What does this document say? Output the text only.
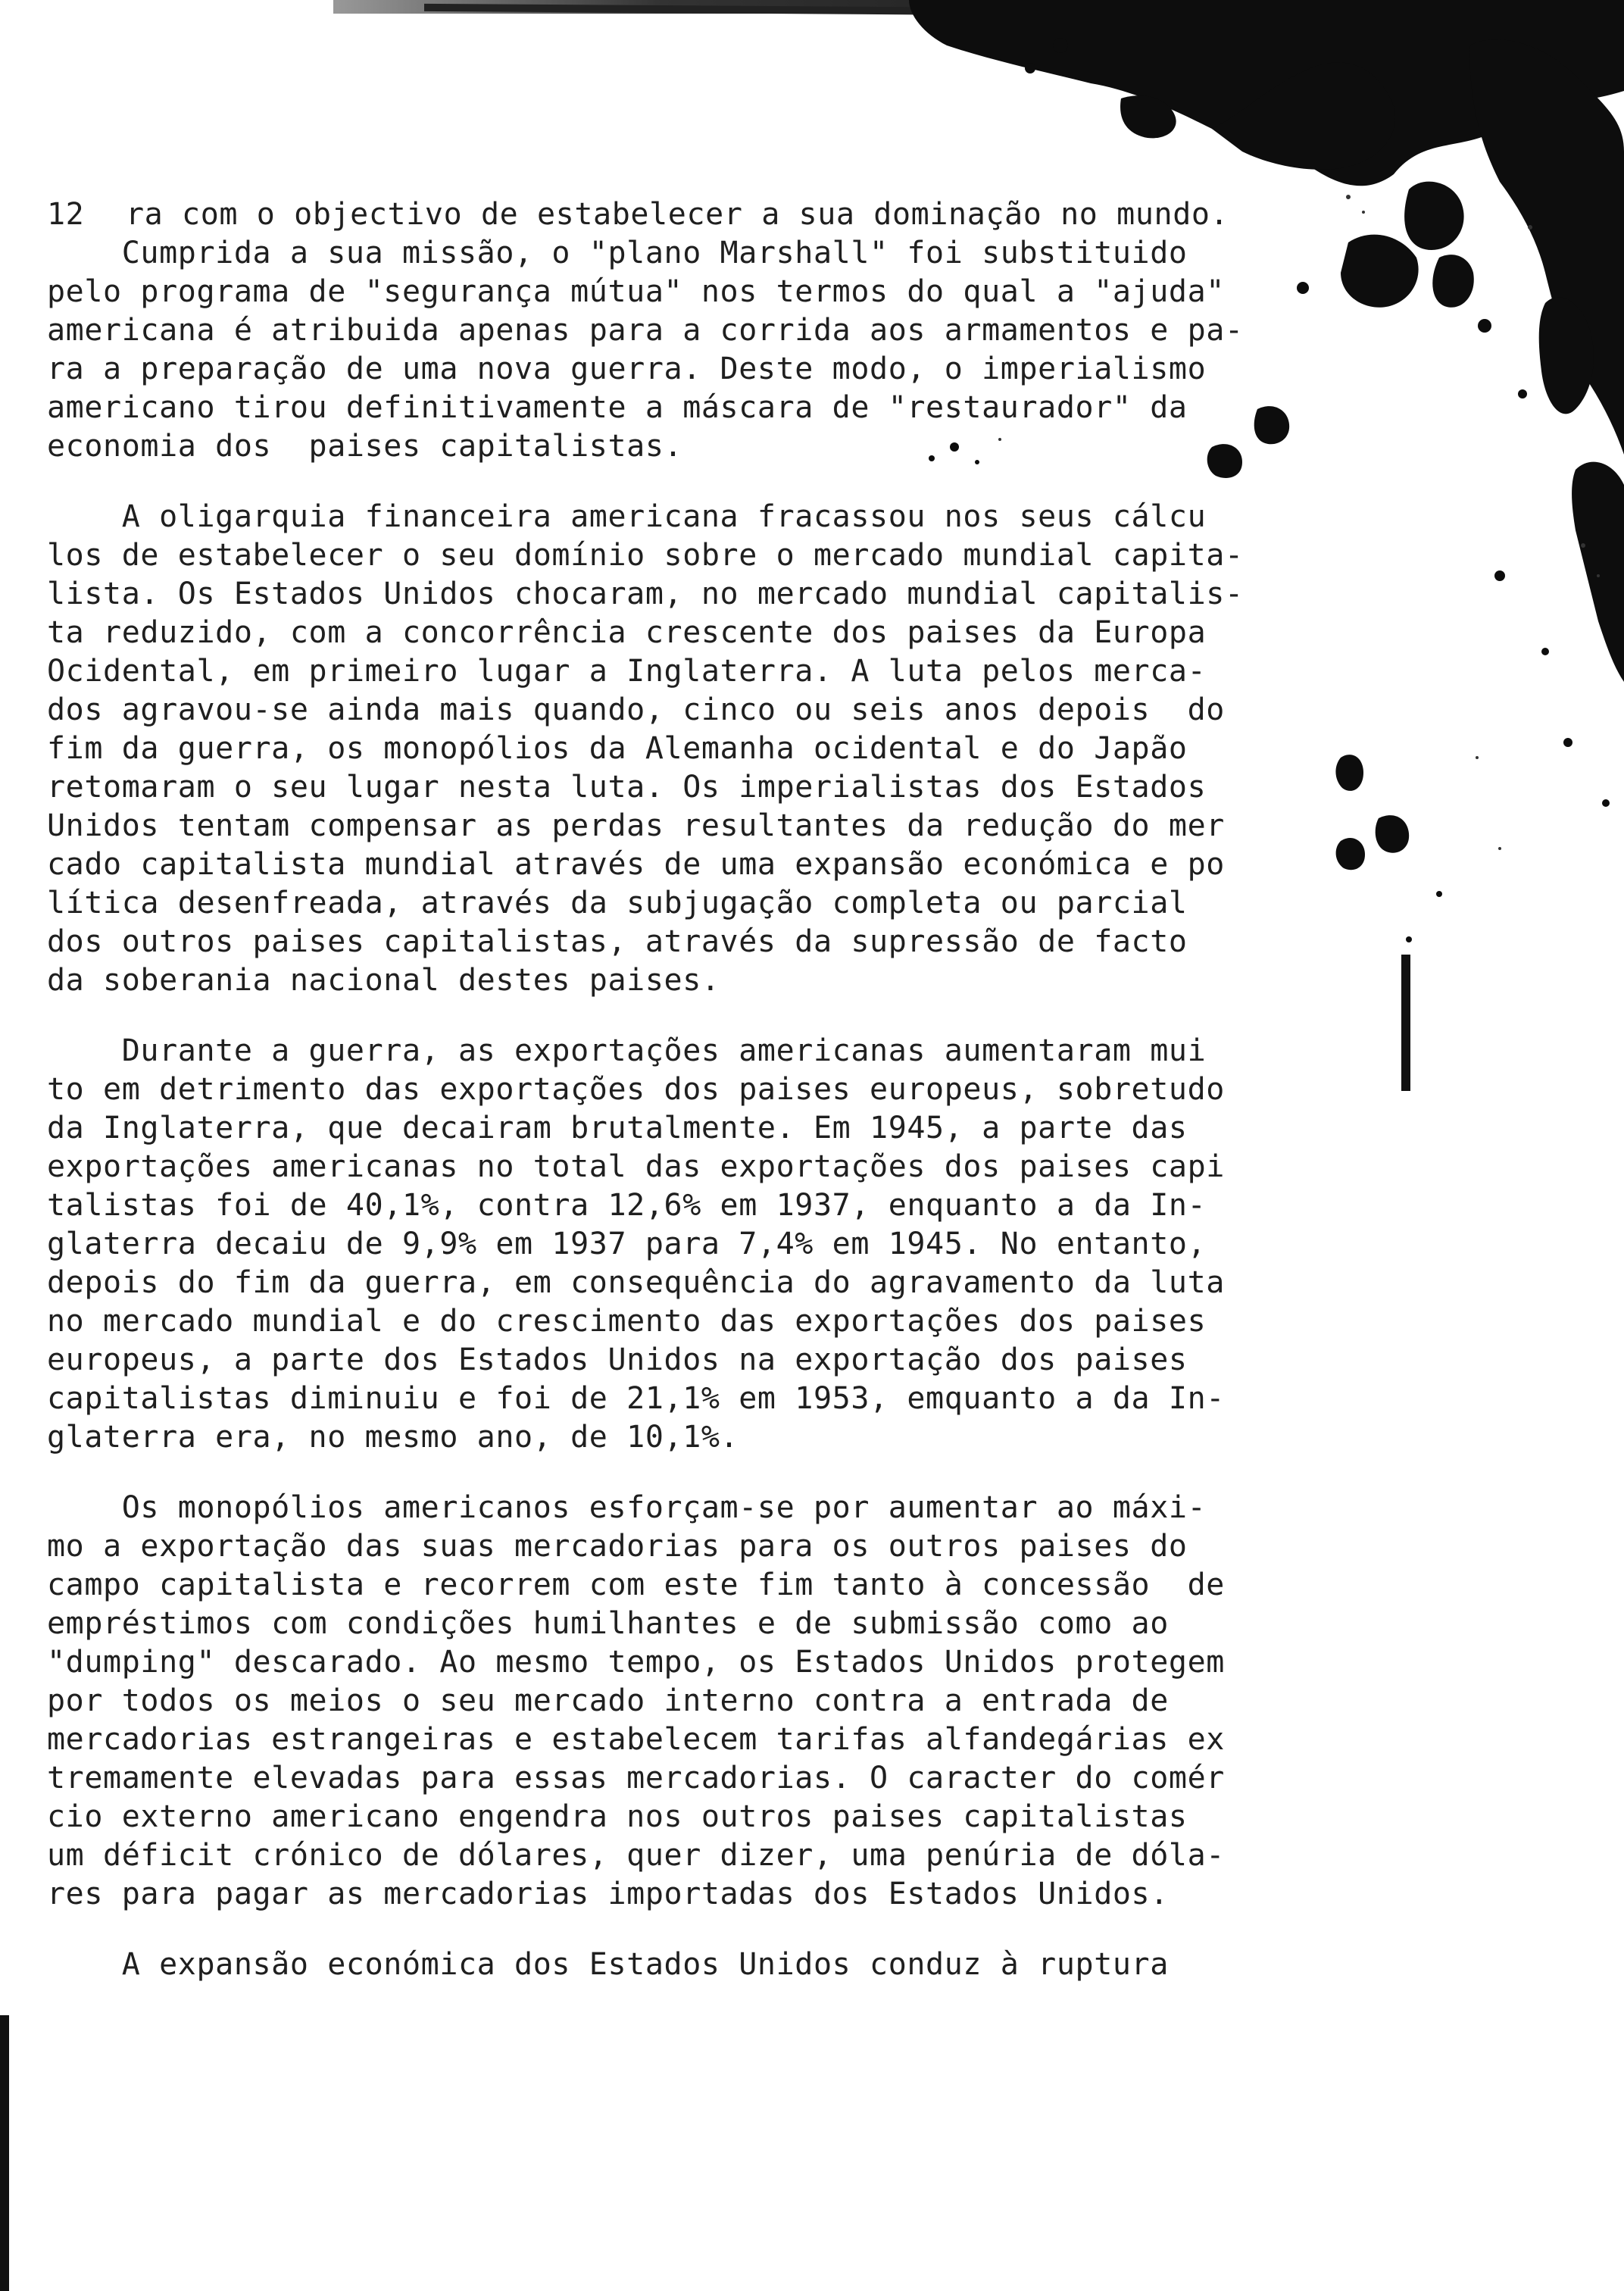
12 ra com o objectivo de estabelecer a sua dominação no mundo.
Cumprida a sua missão, o "plano Marshall" foi substituido
pelo programa de "segurança mútua" nos termos do qual a "ajuda"
americana é atribuida apenas para a corrida aos armamentos e pa-
ra a preparação de uma nova guerra. Deste modo, o imperialismo
americano tirou definitivamente a máscara de "restaurador" da
economia dos  paises capitalistas.
A oligarquia financeira americana fracassou nos seus cálcu
los de estabelecer o seu domínio sobre o mercado mundial capita-
lista. Os Estados Unidos chocaram, no mercado mundial capitalis-
ta reduzido, com a concorrência crescente dos paises da Europa
Ocidental, em primeiro lugar a Inglaterra. A luta pelos merca-
dos agravou-se ainda mais quando, cinco ou seis anos depois  do
fim da guerra, os monopólios da Alemanha ocidental e do Japão
retomaram o seu lugar nesta luta. Os imperialistas dos Estados
Unidos tentam compensar as perdas resultantes da redução do mer
cado capitalista mundial através de uma expansão económica e po
lítica desenfreada, através da subjugação completa ou parcial
dos outros paises capitalistas, através da supressão de facto
da soberania nacional destes paises.
Durante a guerra, as exportações americanas aumentaram mui
to em detrimento das exportações dos paises europeus, sobretudo
da Inglaterra, que decairam brutalmente. Em 1945, a parte das
exportações americanas no total das exportações dos paises capi
talistas foi de 40,1%, contra 12,6% em 1937, enquanto a da In-
glaterra decaiu de 9,9% em 1937 para 7,4% em 1945. No entanto,
depois do fim da guerra, em consequência do agravamento da luta
no mercado mundial e do crescimento das exportações dos paises
europeus, a parte dos Estados Unidos na exportação dos paises
capitalistas diminuiu e foi de 21,1% em 1953, emquanto a da In-
glaterra era, no mesmo ano, de 10,1%.
Os monopólios americanos esforçam-se por aumentar ao máxi-
mo a exportação das suas mercadorias para os outros paises do
campo capitalista e recorrem com este fim tanto à concessão  de
empréstimos com condições humilhantes e de submissão como ao
"dumping" descarado. Ao mesmo tempo, os Estados Unidos protegem
por todos os meios o seu mercado interno contra a entrada de
mercadorias estrangeiras e estabelecem tarifas alfandegárias ex
tremamente elevadas para essas mercadorias. O caracter do comér
cio externo americano engendra nos outros paises capitalistas
um déficit crónico de dólares, quer dizer, uma penúria de dóla-
res para pagar as mercadorias importadas dos Estados Unidos.
A expansão económica dos Estados Unidos conduz à ruptura
